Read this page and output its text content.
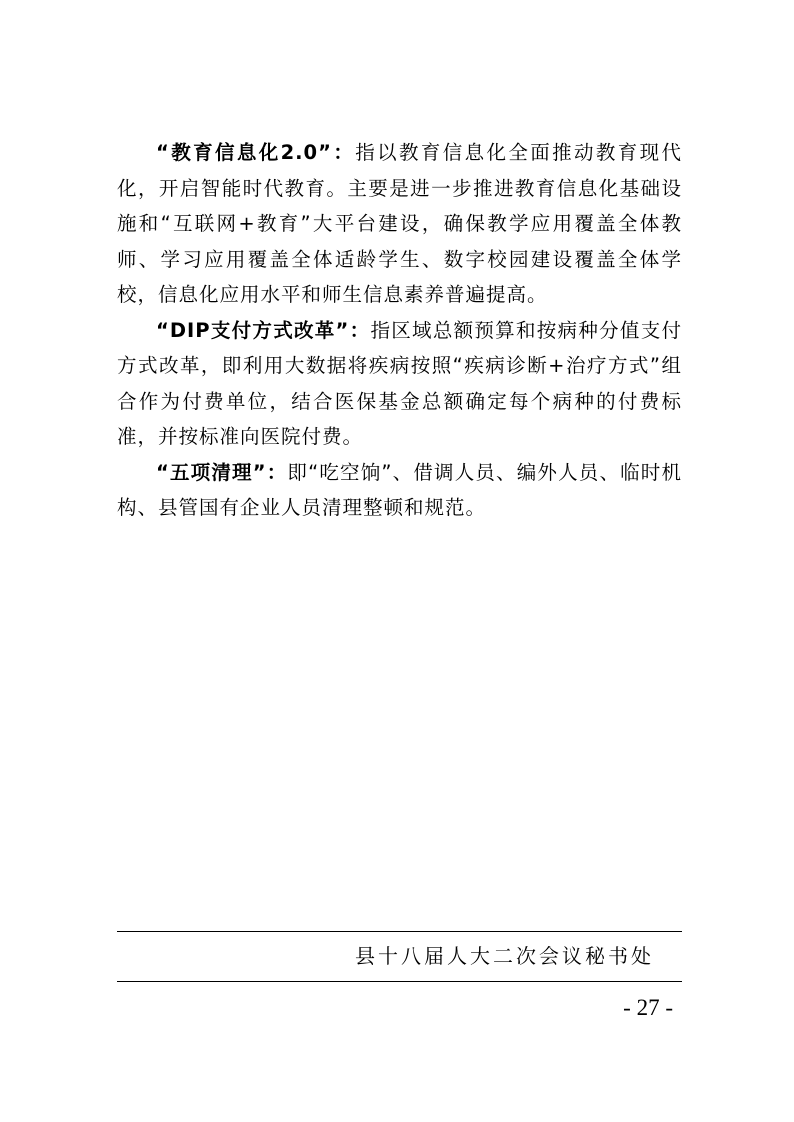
“教育信息化2.0”：指以教育信息化全面推动教育现代化，开启智能时代教育。主要是进一步推进教育信息化基础设施和“互联网+教育”大平台建设，确保教学应用覆盖全体教师、学习应用覆盖全体适龄学生、数字校园建设覆盖全体学校，信息化应用水平和师生信息素养普遍提高。

“DIP支付方式改革”：指区域总额预算和按病种分值支付方式改革，即利用大数据将疾病按照“疾病诊断+治疗方式”组合作为付费单位，结合医保基金总额确定每个病种的付费标准，并按标准向医院付费。

“五项清理”：即“吃空饷”、借调人员、编外人员、临时机构、县管国有企业人员清理整顿和规范。

县十八届人大二次会议秘书处
- 27 -
